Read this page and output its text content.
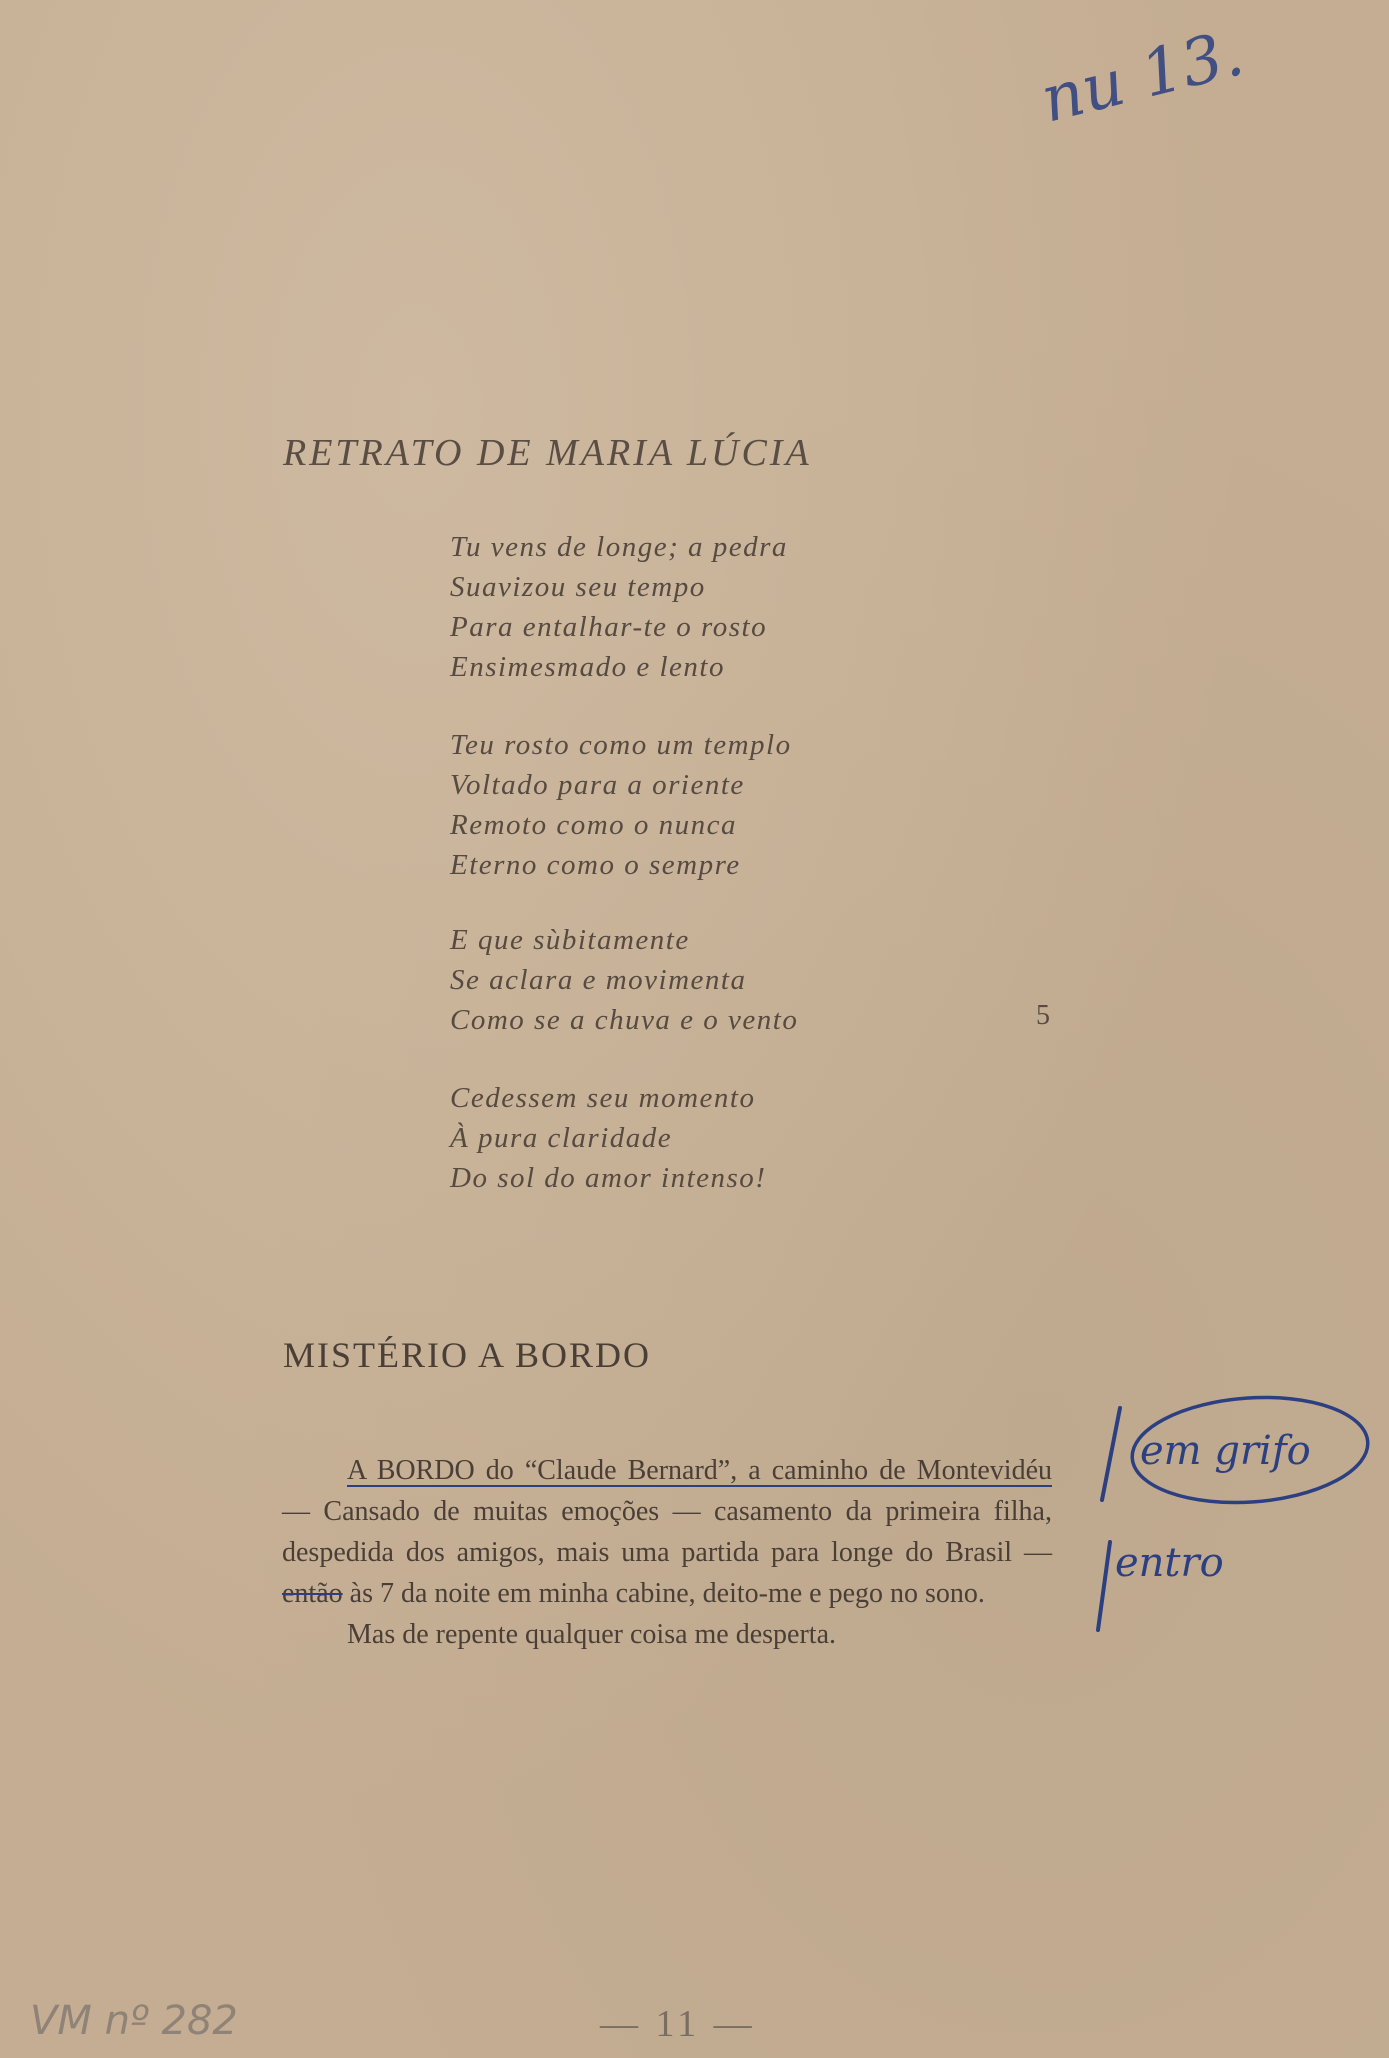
nu 13.
RETRATO DE MARIA LÚCIA
Tu vens de longe; a pedra
Suavizou seu tempo
Para entalhar-te o rosto
Ensimesmado e lento
Teu rosto como um templo
Voltado para a oriente
Remoto como o nunca
Eterno como o sempre
E que sùbitamente
Se aclara e movimenta
Como se a chuva e o vento	5
Cedessem seu momento
À pura claridade
Do sol do amor intenso!
MISTÉRIO A BORDO

A BORDO do “Claude Bernard”, a caminho de Montevidéu — Cansado de muitas emoções — casamento da primeira filha, despedida dos amigos, mais uma partida para longe do Brasil — então às 7 da noite em minha cabine, deito-me e pego no sono.

Mas de repente qualquer coisa me desperta.

em grifo
entro
VM nº 282	— 11 —
